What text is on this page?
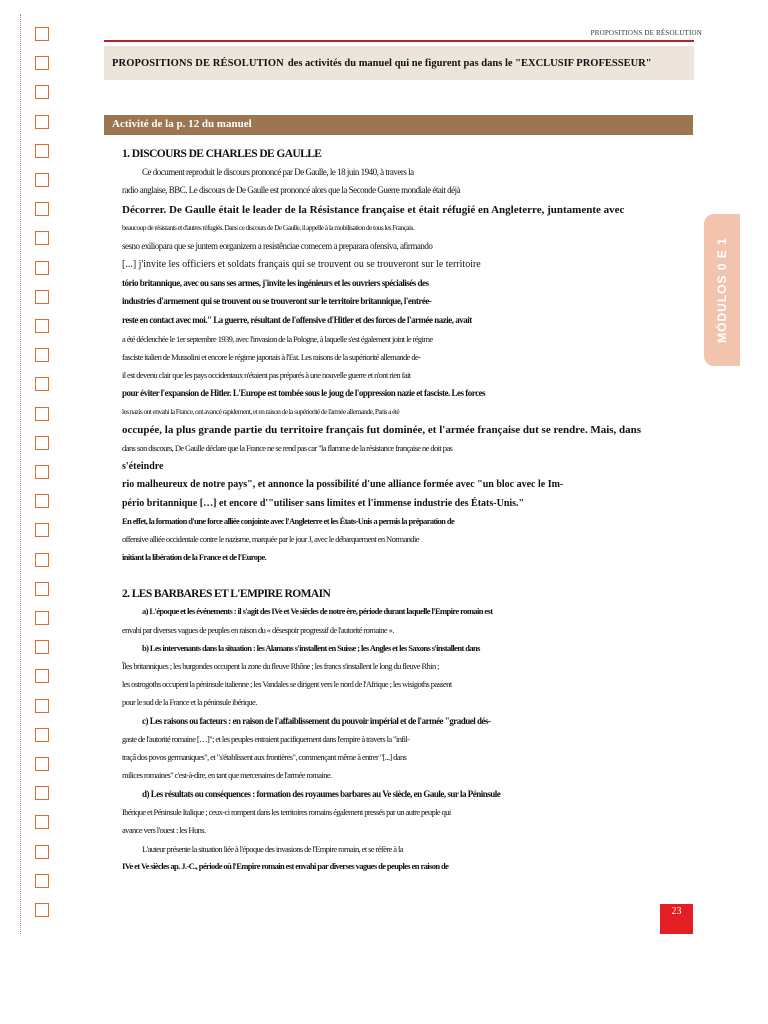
PROPOSITIONS DE RÉSOLUTION
PROPOSITIONS DE RÉSOLUTION des activités du manuel qui ne figurent pas dans le "EXCLUSIF PROFESSEUR"
Activité de la p. 12 du manuel
MÓDULOS 0 E 1
1. DISCOURS DE CHARLES DE GAULLE
Ce document reproduit le discours prononcé par De Gaulle, le 18 juin 1940, à travers la
radio anglaise, BBC. Le discours de De Gaulle est prononcé alors que la Seconde Guerre mondiale était déjà
Décorrer. De Gaulle était le leader de la Résistance française et était réfugié en Angleterre, juntamente avec
beaucoup de résistants et d'autres réfugiés. Dans ce discours de De Gaulle, il appelle à la mobilisation de tous les Français.
sesno exiliopara que se juntem eorganizem a resistênciae comecem a prepararа ofensiva, afirmando
[...] j'invite les officiers et soldats français qui se trouvent ou se trouveront sur le territoire
tório britannique, avec ou sans ses armes, j'invite les ingénieurs et les ouvriers spécialisés des
industries d'armement qui se trouvent ou se trouveront sur le territoire britannique, l'entrée-
reste en contact avec moi." La guerre, résultant de l'offensive d'Hitler et des forces de l'armée nazie, avait
a été déclenchée le 1er septembre 1939, avec l'invasion de la Pologne, à laquelle s'est également joint le régime
fasciste italien de Mussolini et encore le régime japonais à l'Est. Les raisons de la supériorité allemande de-
il est devenu clair que les pays occidentaux n'étaient pas préparés à une nouvelle guerre et n'ont rien fait
pour éviter l'expansion de Hitler. L'Europe est tombée sous le joug de l'oppression nazie et fasciste. Les forces
les nazis ont envahi la France, ont avancé rapidement, et en raison de la supériorité de l'armée allemande, Paris a été
occupée, la plus grande partie du territoire français fut dominée, et l'armée française dut se rendre. Mais, dans
dans son discours, De Gaulle déclare que la France ne se rend pas car "la flamme de la résistance française ne doit pas
s'éteindre
rio malheureux de notre pays", et annonce la possibilité d'une alliance formée avec "un bloc avec le Im-
pério britannique […] et encore d'"utiliser sans limites et l'immense industrie des États-Unis."
En effet, la formation d'une force alliée conjointe avec l'Angleterre et les États-Unis a permis la préparation de
offensive alliée occidentale contre le nazisme, marquée par le jour J, avec le débarquement en Normandie
initiant la libération de la France et de l'Europe.
2. LES BARBARES ET L'EMPIRE ROMAIN
a) L'époque et les événements : il s'agit des IVe et Ve siècles de notre ère, période durant laquelle l'Empire romain est
envahi par diverses vagues de peuples en raison du « désespoir progressif de l'autorité romaine ».
b) Les intervenants dans la situation : les Alamans s'installent en Suisse ; les Angles et les Saxons s'installent dans
Îles britanniques ; les burgondes occupent la zone du fleuve Rhône ; les francs s'installent le long du fleuve Rhin ;
les ostrogoths occupent la péninsule italienne ; les Vandales se dirigent vers le nord de l'Afrique ; les wisigoths passent
pour le sud de la France et la péninsule ibérique.
c) Les raisons ou facteurs : en raison de l'affaiblissement du pouvoir impérial et de l'armée "graduel dés-
gaste de l'autorité romaine […]"; et les peuples entraient pacifiquement dans l'empire à travers la "infil-
traçã dos povos germaniques", et "s'établissent aux frontières", commençant même à entrer "[...] dans
milices romaines" c'est-à-dire, en tant que mercenaires de l'armée romaine.
d) Les résultats ou conséquences : formation des royaumes barbares au Ve siècle, en Gaule, sur la Péninsule
Ibérique et Péninsule Italique ; ceux-ci rompent dans les territoires romains également pressés par un autre peuple qui
avance vers l'ouest : les Huns.
L'auteur présente la situation liée à l'époque des invasions de l'Empire romain, et se réfère à la
IVe et Ve siècles ap. J.-C., période où l'Empire romain est envahi par diverses vagues de peuples en raison de
23
